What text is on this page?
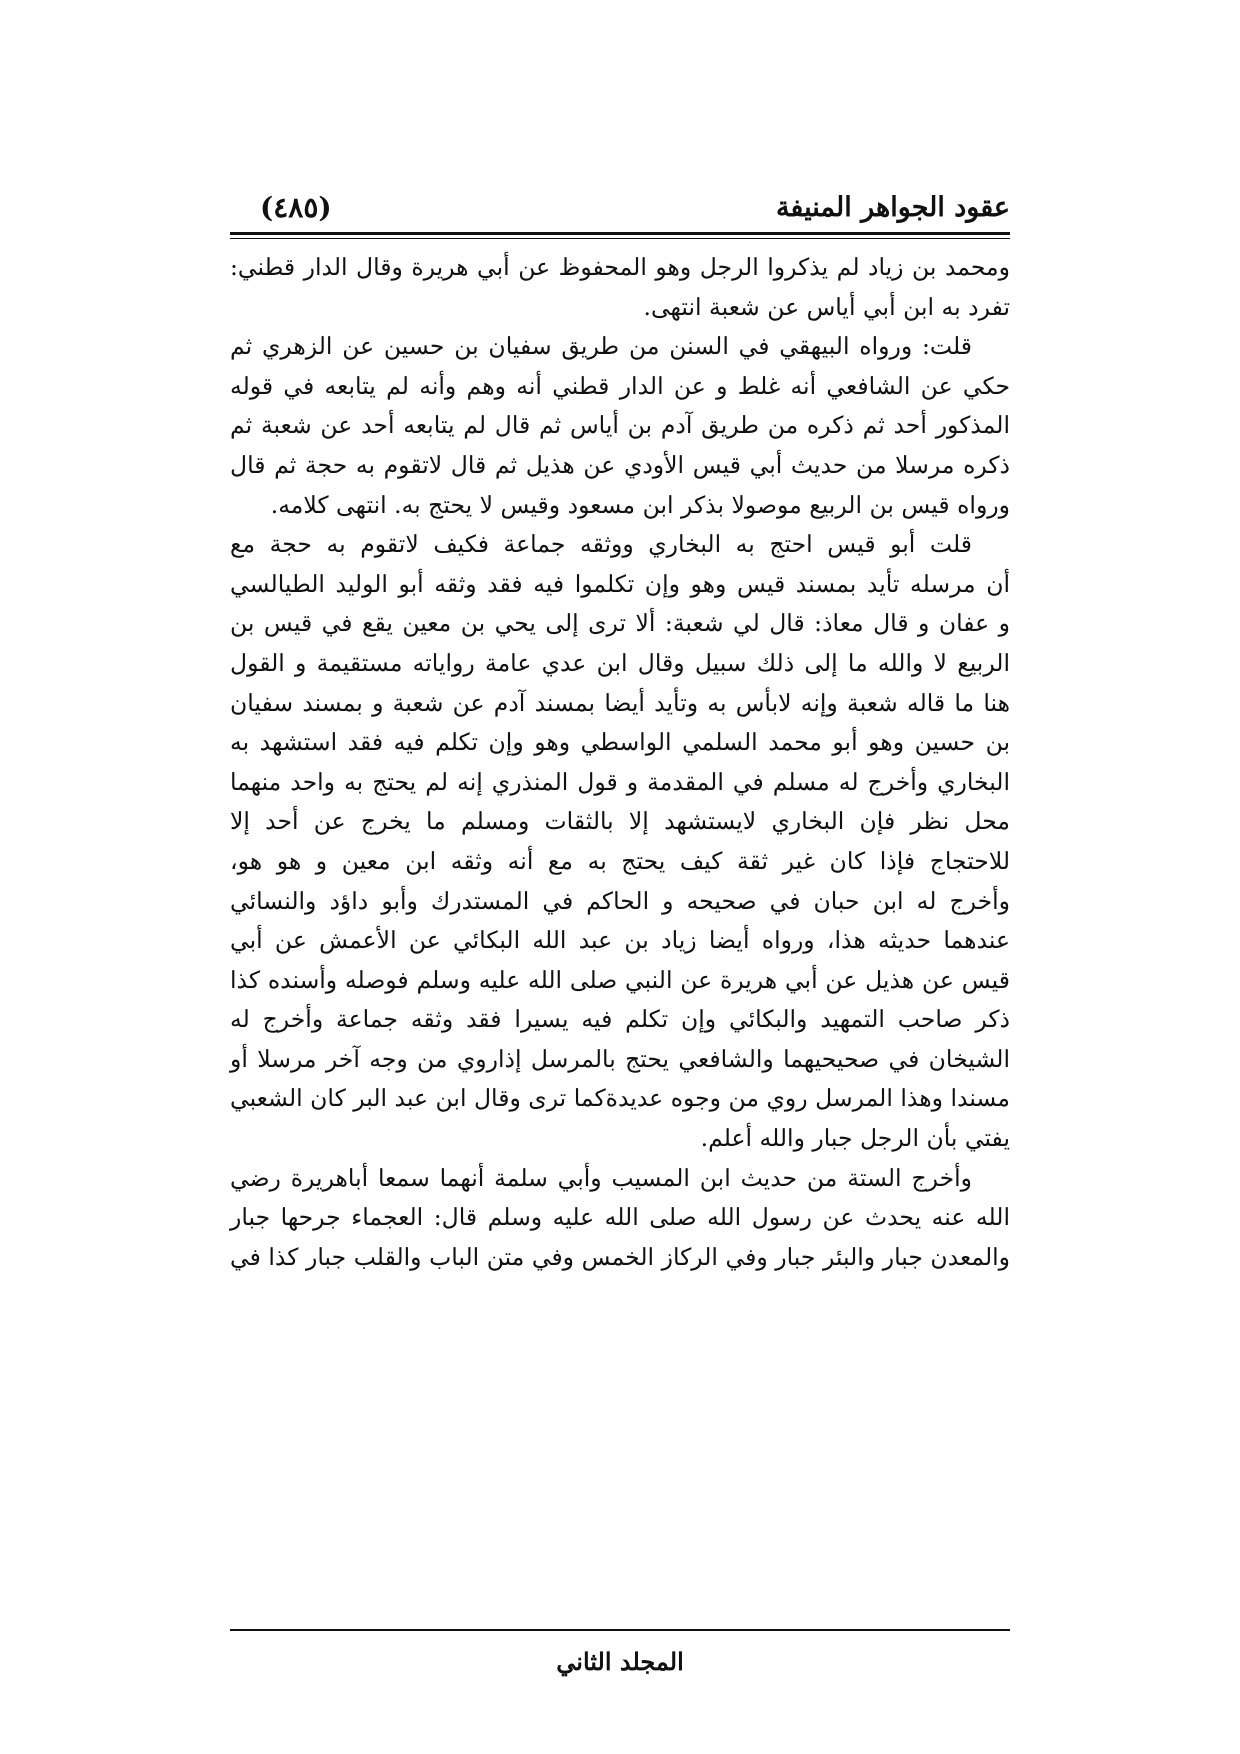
عقود الجواهر المنيفة
(٤٨٥)
ومحمد بن زياد لم يذكروا الرجل وهو المحفوظ عن أبي هريرة وقال الدار قطني:
تفرد به ابن أبي أياس عن شعبة انتهى.
قلت: ورواه البيهقي في السنن من طريق سفيان بن حسين عن الزهري ثم
حكي عن الشافعي أنه غلط و عن الدار قطني أنه وهم وأنه لم يتابعه في قوله
المذكور أحد ثم ذكره من طريق آدم بن أياس ثم قال لم يتابعه أحد عن شعبة ثم
ذكره مرسلا من حديث أبي قيس الأودي عن هذيل ثم قال لاتقوم به حجة ثم قال
ورواه قيس بن الربيع موصولا بذكر ابن مسعود وقيس لا يحتج به. انتهى كلامه.
قلت أبو قيس احتج به البخاري ووثقه جماعة فكيف لاتقوم به حجة مع
أن مرسله تأيد بمسند قيس وهو وإن تكلموا فيه فقد وثقه أبو الوليد الطيالسي
و عفان و قال معاذ: قال لي شعبة: ألا ترى إلى يحي بن معين يقع في قيس بن
الربيع لا والله ما إلى ذلك سبيل وقال ابن عدي عامة رواياته مستقيمة و القول
هنا ما قاله شعبة وإنه لابأس به وتأيد أيضا بمسند آدم عن شعبة و بمسند سفيان
بن حسين وهو أبو محمد السلمي الواسطي وهو وإن تكلم فيه فقد استشهد به
البخاري وأخرج له مسلم في المقدمة و قول المنذري إنه لم يحتج به واحد منهما
محل نظر فإن البخاري لايستشهد إلا بالثقات ومسلم ما يخرج عن أحد إلا
للاحتجاج فإذا كان غير ثقة كيف يحتج به مع أنه وثقه ابن معين و هو هو،
وأخرج له ابن حبان في صحيحه و الحاكم في المستدرك وأبو داؤد والنسائي
عندهما حديثه هذا، ورواه أيضا زياد بن عبد الله البكائي عن الأعمش عن أبي
قيس عن هذيل عن أبي هريرة عن النبي صلى الله عليه وسلم فوصله وأسنده كذا
ذكر صاحب التمهيد والبكائي وإن تكلم فيه يسيرا فقد وثقه جماعة وأخرج له
الشيخان في صحيحيهما والشافعي يحتج بالمرسل إذاروي من وجه آخر مرسلا أو
مسندا وهذا المرسل روي من وجوه عديدةكما ترى وقال ابن عبد البر كان الشعبي
يفتي بأن الرجل جبار والله أعلم.
وأخرج الستة من حديث ابن المسيب وأبي سلمة أنهما سمعا أباهريرة رضي
الله عنه يحدث عن رسول الله صلى الله عليه وسلم قال: العجماء جرحها جبار
والمعدن جبار والبئر جبار وفي الركاز الخمس وفي متن الباب والقلب جبار كذا في
المجلد الثاني
